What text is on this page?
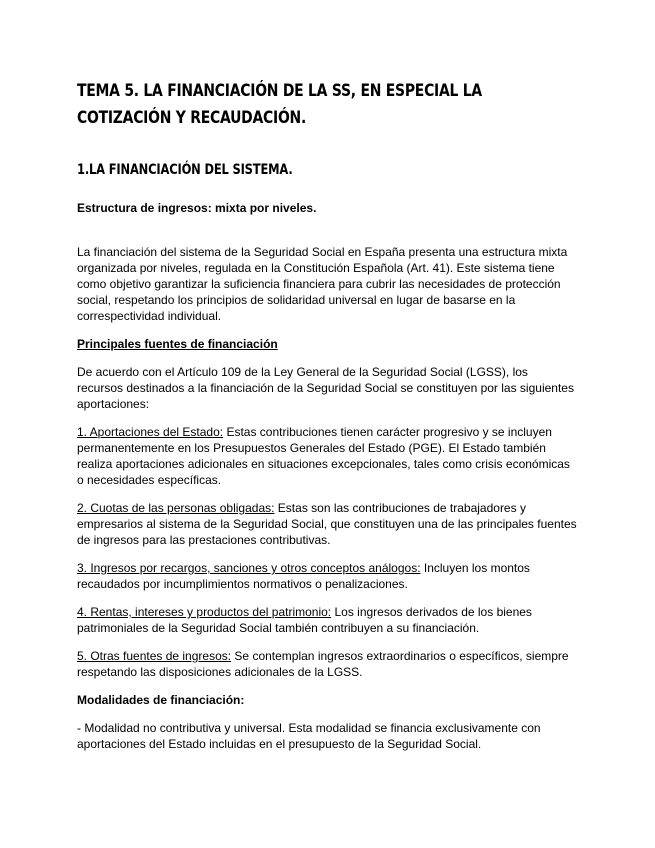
TEMA 5. LA FINANCIACIÓN DE LA SS, EN ESPECIAL LA COTIZACIÓN Y RECAUDACIÓN.
1.LA FINANCIACIÓN DEL SISTEMA.

Estructura de ingresos: mixta por niveles.

La financiación del sistema de la Seguridad Social en España presenta una estructura mixta organizada por niveles, regulada en la Constitución Española (Art. 41). Este sistema tiene como objetivo garantizar la suficiencia financiera para cubrir las necesidades de protección social, respetando los principios de solidaridad universal en lugar de basarse en la correspectividad individual.

Principales fuentes de financiación

De acuerdo con el Artículo 109 de la Ley General de la Seguridad Social (LGSS), los recursos destinados a la financiación de la Seguridad Social se constituyen por las siguientes aportaciones:

1. Aportaciones del Estado: Estas contribuciones tienen carácter progresivo y se incluyen permanentemente en los Presupuestos Generales del Estado (PGE). El Estado también realiza aportaciones adicionales en situaciones excepcionales, tales como crisis económicas o necesidades específicas.

2. Cuotas de las personas obligadas: Estas son las contribuciones de trabajadores y empresarios al sistema de la Seguridad Social, que constituyen una de las principales fuentes de ingresos para las prestaciones contributivas.

3. Ingresos por recargos, sanciones y otros conceptos análogos: Incluyen los montos recaudados por incumplimientos normativos o penalizaciones.

4. Rentas, intereses y productos del patrimonio: Los ingresos derivados de los bienes patrimoniales de la Seguridad Social también contribuyen a su financiación.

5. Otras fuentes de ingresos: Se contemplan ingresos extraordinarios o específicos, siempre respetando las disposiciones adicionales de la LGSS.

Modalidades de financiación:

- Modalidad no contributiva y universal. Esta modalidad se financia exclusivamente con aportaciones del Estado incluidas en el presupuesto de la Seguridad Social.
